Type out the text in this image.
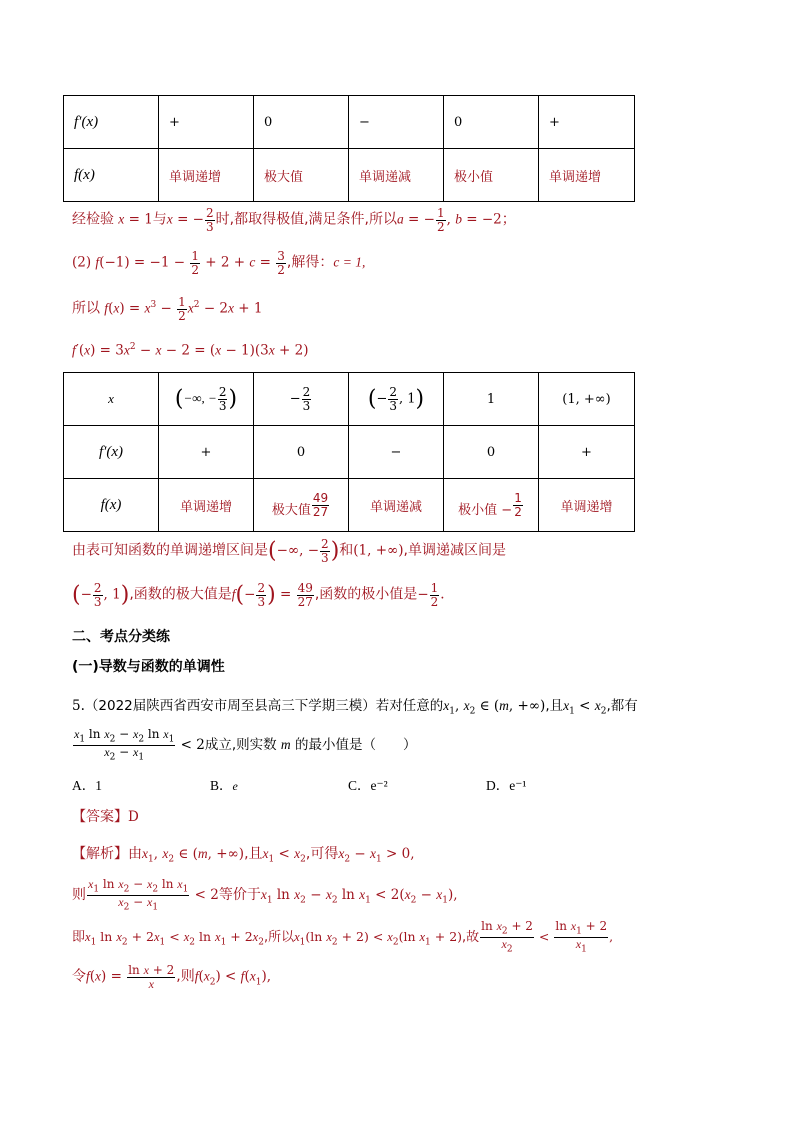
f′(x)	+	0	−	0	+
f(x)	单调递增	极大值	单调递减	极小值	单调递增
经检验 x = 1与x = − $\frac{2}{3}$ 时,都取得极值,满足条件,所以a = − $\frac{1}{2}$ , b = −2；
(2) $f(-1) = -1 - \frac{1}{2} + 2 + c = \frac{3}{2}$ ,解得：c = 1,
所以 $f(x) = x^3 - \frac{1}{2} x^2 - 2x + 1$
$f'(x) = 3x^2 - x - 2 = (x - 1)(3x + 2)$
x	(−∞, − $\frac{2}{3}$ )	− $\frac{2}{3}$	(− $\frac{2}{3}$ , 1)	1	(1, +∞)
f′(x)	+	0	−	0	+
f(x)	单调递增	极大值 $\frac{49}{27}$	单调递减	极小值 − $\frac{1}{2}$	单调递增
由表可知函数的单调递增区间是(−∞, − $\frac{2}{3}$ )和(1, +∞),单调递减区间是
(− $\frac{2}{3}$ , 1),函数的极大值是$f(- \frac{2}{3}$ ) = $\frac{49}{27}$ ,函数的极小值是− $\frac{1}{2}$ .
二、考点分类练
(一)导数与函数的单调性
5.（2022届陕西省西安市周至县高三下学期三模）若对任意的$x_1$, $x_2$ ∈ (m, +∞),且$x_1 < x_2$,都有
$\frac{x_1 \ln x_2 - x_2 \ln x_1}{x_2 - x_1} < 2$成立,则实数 m 的最小值是（　　）
A．1	B．e	C．e⁻²	D．e⁻¹
【答案】D
【解析】由$x_1$, $x_2$ ∈ (m, +∞),且$x_1 < x_2$,可得$x_2 - x_1 > 0$,
则 $\frac{x_1 \ln x_2 - x_2 \ln x_1}{x_2 - x_1} < 2$等价于$x_1$ $\ln x_2 - x_2$ $\ln x_1 < 2(x_2 - x_1)$,
即$x_1$ $\ln x_2 + 2x_1 < x_2$ $\ln x_1 + 2x_2$,所以$x_1(\ln$ $x_2 + 2) < x_2(\ln$ $x_1 + 2$),故 $\frac{\ln x_2 + 2}{x_2} < \frac{\ln x_1 + 2}{x_1}$ ,
令$f(x) = \frac{\text{ln x + 2}}{x}$ ,则$f(x_2) < f(x_1)$,
